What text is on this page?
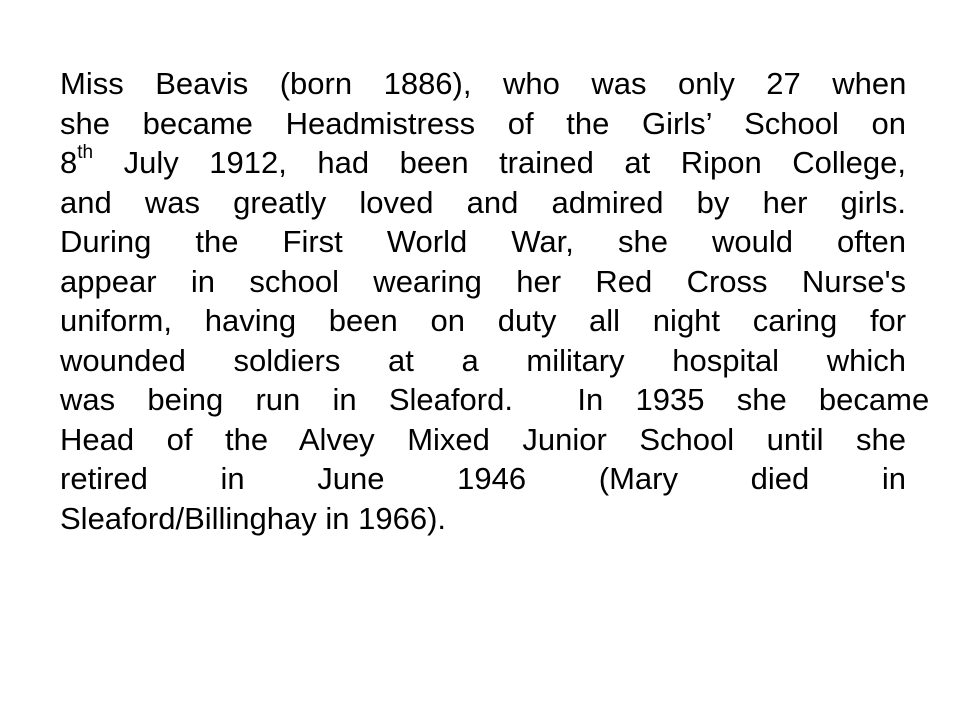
Miss Beavis (born 1886), who was only 27 when
she became Headmistress of the Girls’ School on
8th July 1912, had been trained at Ripon College,
and was greatly loved and admired by her girls.
During the First World War, she would often
appear in school wearing her Red Cross Nurse's
uniform, having been on duty all night caring for
wounded soldiers at a military hospital which
was being run in Sleaford.  In 1935 she became
Head of the Alvey Mixed Junior School until she
retired in June 1946 (Mary died in
Sleaford/Billinghay in 1966).
